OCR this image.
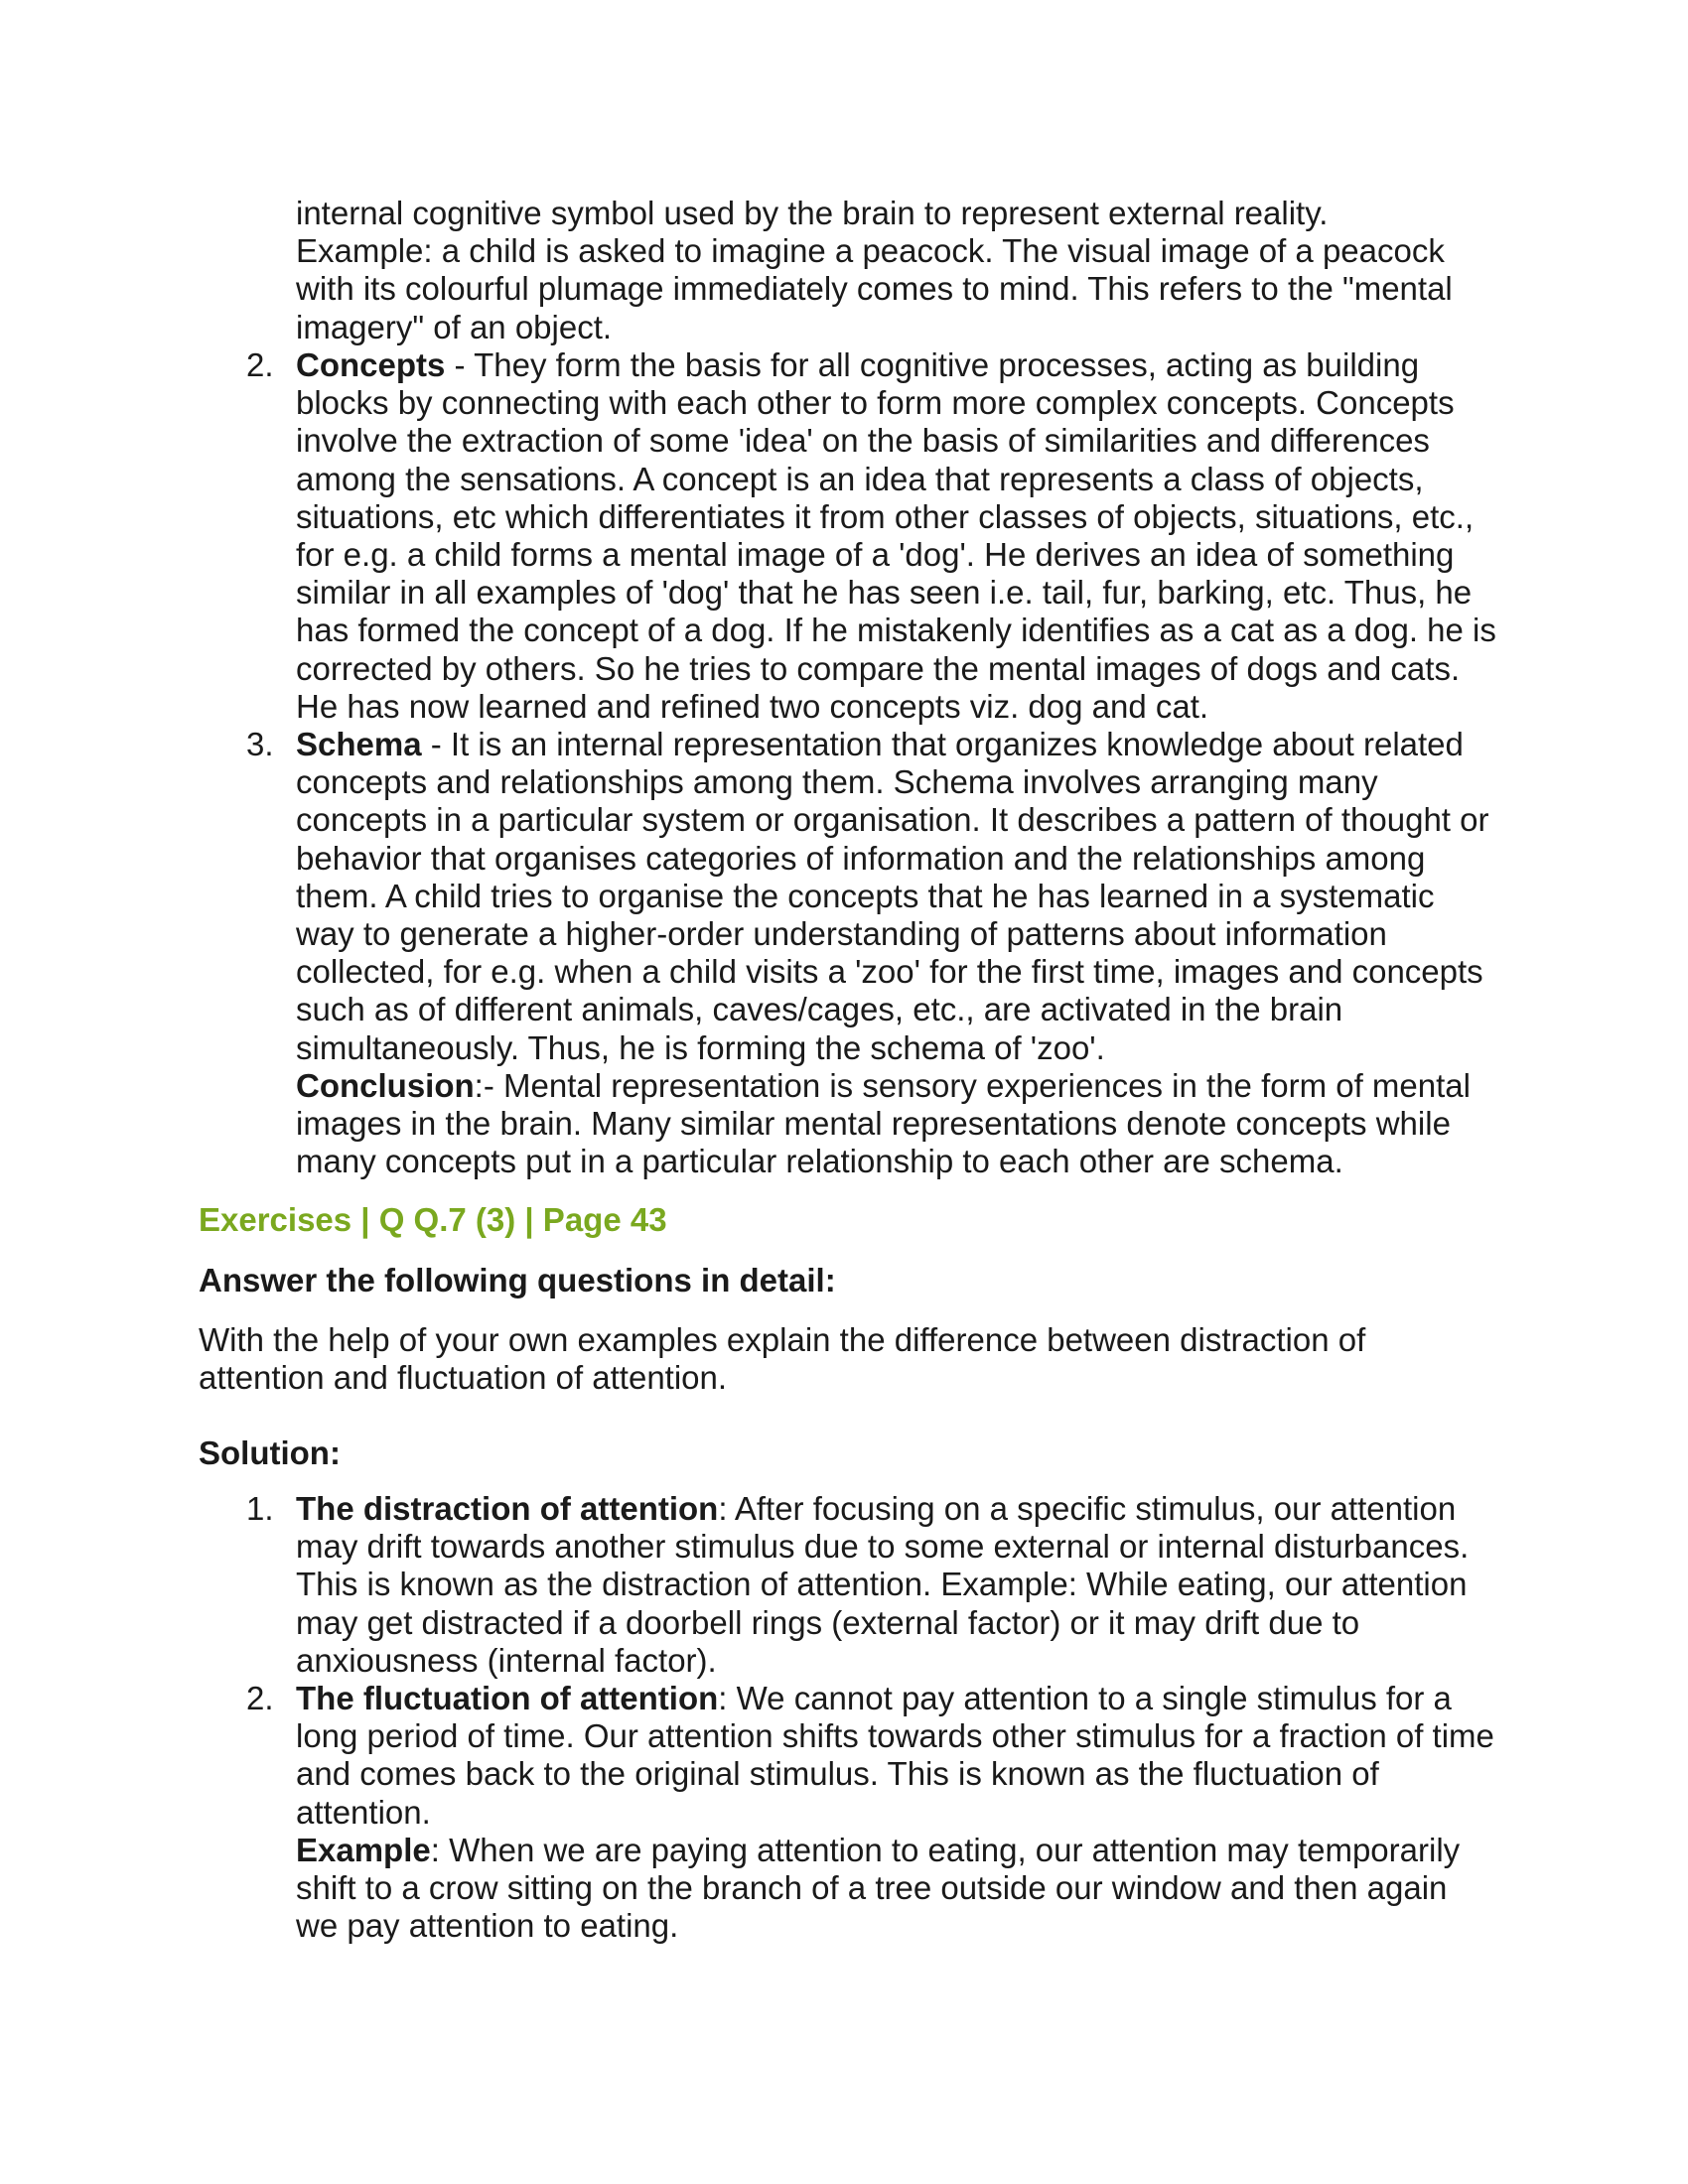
internal cognitive symbol used by the brain to represent external reality.

Example: a child is asked to imagine a peacock. The visual image of a peacock with its colourful plumage immediately comes to mind. This refers to the "mental imagery" of an object.

2. Concepts - They form the basis for all cognitive processes, acting as building blocks by connecting with each other to form more complex concepts. Concepts involve the extraction of some 'idea' on the basis of similarities and differences among the sensations. A concept is an idea that represents a class of objects, situations, etc which differentiates it from other classes of objects, situations, etc., for e.g. a child forms a mental image of a 'dog'. He derives an idea of something similar in all examples of 'dog' that he has seen i.e. tail, fur, barking, etc. Thus, he has formed the concept of a dog. If he mistakenly identifies as a cat as a dog. he is corrected by others. So he tries to compare the mental images of dogs and cats. He has now learned and refined two concepts viz. dog and cat.

3. Schema - It is an internal representation that organizes knowledge about related concepts and relationships among them. Schema involves arranging many concepts in a particular system or organisation. It describes a pattern of thought or behavior that organises categories of information and the relationships among them. A child tries to organise the concepts that he has learned in a systematic way to generate a higher-order understanding of patterns about information collected, for e.g. when a child visits a 'zoo' for the first time, images and concepts such as of different animals, caves/cages, etc., are activated in the brain simultaneously. Thus, he is forming the schema of 'zoo'.

Conclusion:- Mental representation is sensory experiences in the form of mental images in the brain. Many similar mental representations denote concepts while many concepts put in a particular relationship to each other are schema.

Exercises | Q Q.7 (3) | Page 43
Answer the following questions in detail:

With the help of your own examples explain the difference between distraction of attention and fluctuation of attention.

Solution:
1. The distraction of attention: After focusing on a specific stimulus, our attention may drift towards another stimulus due to some external or internal disturbances. This is known as the distraction of attention. Example: While eating, our attention may get distracted if a doorbell rings (external factor) or it may drift due to anxiousness (internal factor).

2. The fluctuation of attention: We cannot pay attention to a single stimulus for a long period of time. Our attention shifts towards other stimulus for a fraction of time and comes back to the original stimulus. This is known as the fluctuation of attention.

Example: When we are paying attention to eating, our attention may temporarily shift to a crow sitting on the branch of a tree outside our window and then again we pay attention to eating.
